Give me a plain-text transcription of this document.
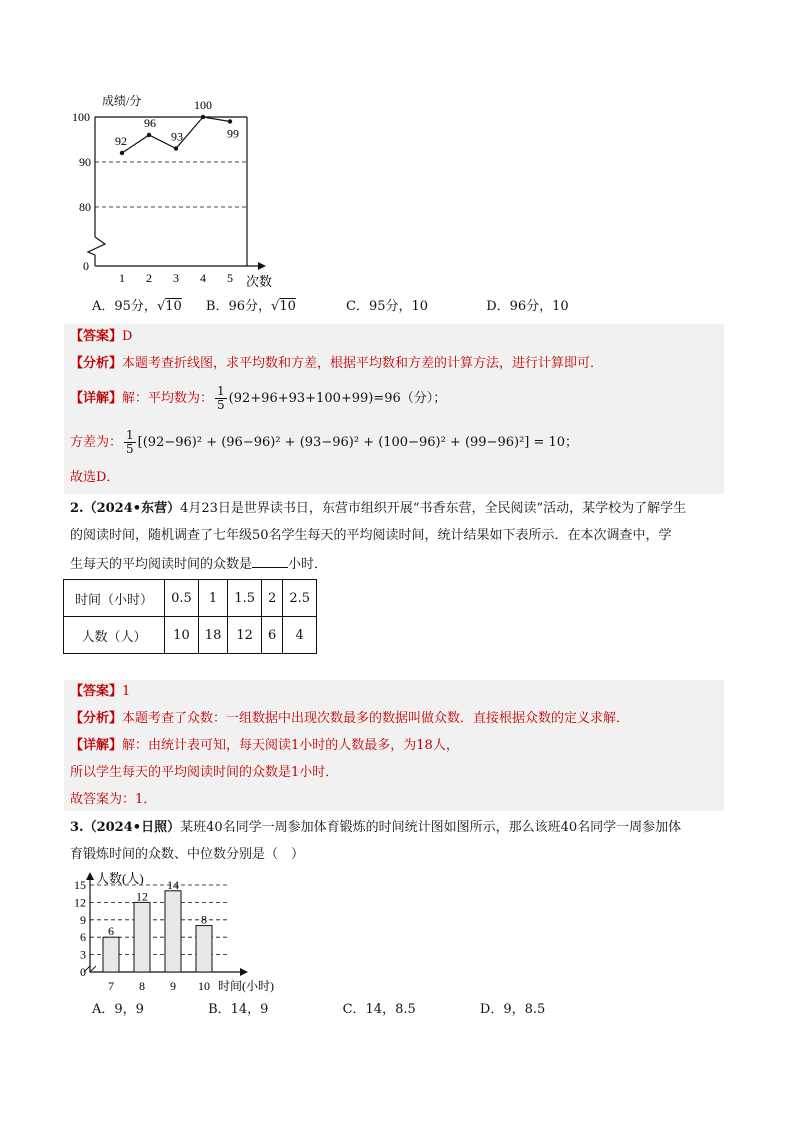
成绩/分
100
90
80
0
1 2 3 4 5 次数
92
96
93
100
99
A．95分，√10 B．96分，√10	C．95分，10	D．96分，10
【答案】D
【分析】本题考查折线图，求平均数和方差，根据平均数和方差的计算方法，进行计算即可．
【详解】解：平均数为： $\frac{1}{5} (92+96+93+100+99)=96$（分）；
方差为： $\frac{1}{5} [(92-96)^2 + (96-96)^2 + (93-96)^2 + (100-96)^2 + (99-96)^2] = 10$；
故选D．
2.（2024•东营）4月23日是世界读书日，东营市组织开展“书香东营，全民阅读”活动，某学校为了解学生
的阅读时间，随机调查了七年级50名学生每天的平均阅读时间，统计结果如下表所示．在本次调查中，学
生每天的平均阅读时间的众数是	小时．
时间（小时）	0.5	1	1.5	2	2.5
人数（人）	10	18	12	6	4
【答案】1
【分析】本题考查了众数：一组数据中出现次数最多的数据叫做众数．直接根据众数的定义求解．
【详解】解：由统计表可知，每天阅读1小时的人数最多，为18人，
所以学生每天的平均阅读时间的众数是1小时．
故答案为：1．
3.（2024•日照）某班40名同学一周参加体育锻炼的时间统计图如图所示，那么该班40名同学一周参加体
育锻炼时间的众数、中位数分别是（　）
人数(人)
15
12
9
6
3
0
6
7
12
8
14
9
8
10 时间(小时)
A．9，9	B．14，9	C．14，8.5	D．9，8.5
